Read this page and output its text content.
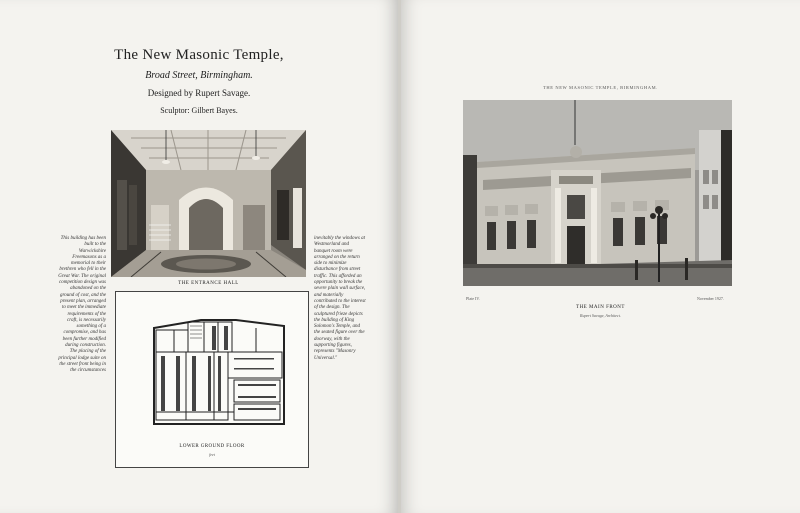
The New Masonic Temple,
Broad Street, Birmingham.
Designed by Rupert Savage.
Sculptor: Gilbert Bayes.
THE ENTRANCE HALL
This building has been built to the Warwickshire Freemasons as a memorial to their brethren who fell in the Great War. The original competition design was abandoned on the ground of cost, and the present plan, arranged to meet the immediate requirements of the craft, is necessarily something of a compromise, and has been further modified during construction. The placing of the principal lodge suite on the street front being in the circumstances
inevitably the windows at Westmorland and banquet room were arranged on the return side to minimize disturbance from street traffic. This afforded an opportunity to break the severe plain wall surface, and materially contributed to the interest of the design. The sculptured frieze depicts the building of King Solomon's Temple, and the seated figure over the doorway, with the supporting figures, represents "Masonry Universal."
LOWER GROUND FLOOR
feet
THE NEW MASONIC TEMPLE, BIRMINGHAM.
Plate IV.	November 1927.
THE MAIN FRONT
Rupert Savage, Architect.
